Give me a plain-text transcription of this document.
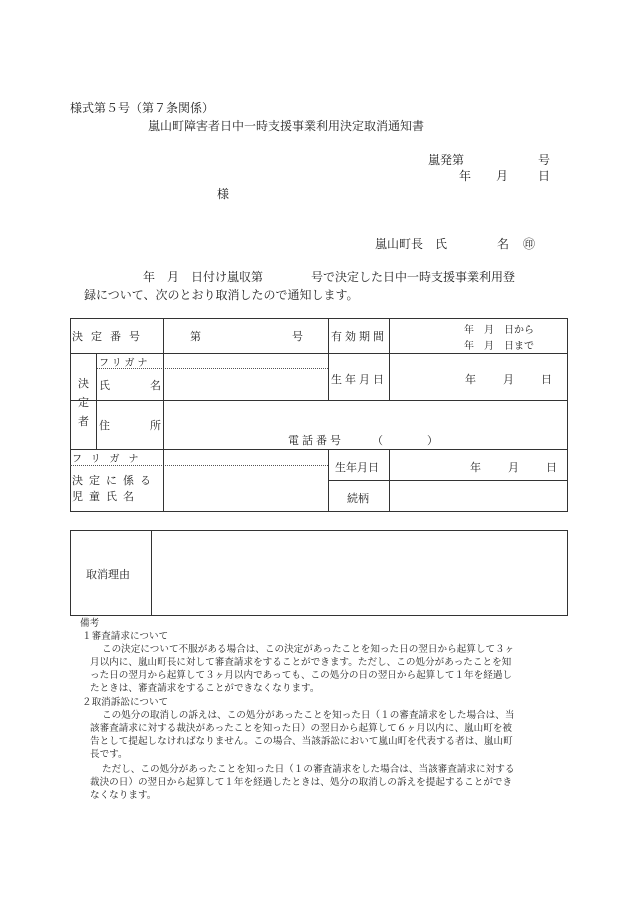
様式第５号（第７条関係）
嵐山町障害者日中一時支援事業利用決定取消通知書
嵐発第	号
年 月 日
様
嵐山町長　氏	名 ㊞
年　月　日付け嵐収第　　　　号で決定した日中一時支援事業利用登
録について、次のとおり取消したので通知します。
決定番号	第	号	有効期間	年　月　日から
年　月　日まで
決
定
者
フリガナ
氏	名	生年月日	年 月 日
住	所
電話番号	（　　　　）
フリガナ
決定に係る
児童氏名
生年月日	年 月 日
続柄
取消理由
備考
１審査請求について
この決定について不服がある場合は、この決定があったことを知った日の翌日から起算して３ヶ
月以内に、嵐山町長に対して審査請求をすることができます。ただし、この処分があったことを知
った日の翌月から起算して３ヶ月以内であっても、この処分の日の翌日から起算して１年を経過し
たときは、審査請求をすることができなくなります。
２取消訴訟について
この処分の取消しの訴えは、この処分があったことを知った日（１の審査請求をした場合は、当
該審査請求に対する裁決があったことを知った日）の翌日から起算して６ヶ月以内に、嵐山町を被
告として提起しなければなりません。この場合、当該訴訟において嵐山町を代表する者は、嵐山町
長です。
ただし、この処分があったことを知った日（１の審査請求をした場合は、当該審査請求に対する
裁決の日）の翌日から起算して１年を経過したときは、処分の取消しの訴えを提起することができ
なくなります。
